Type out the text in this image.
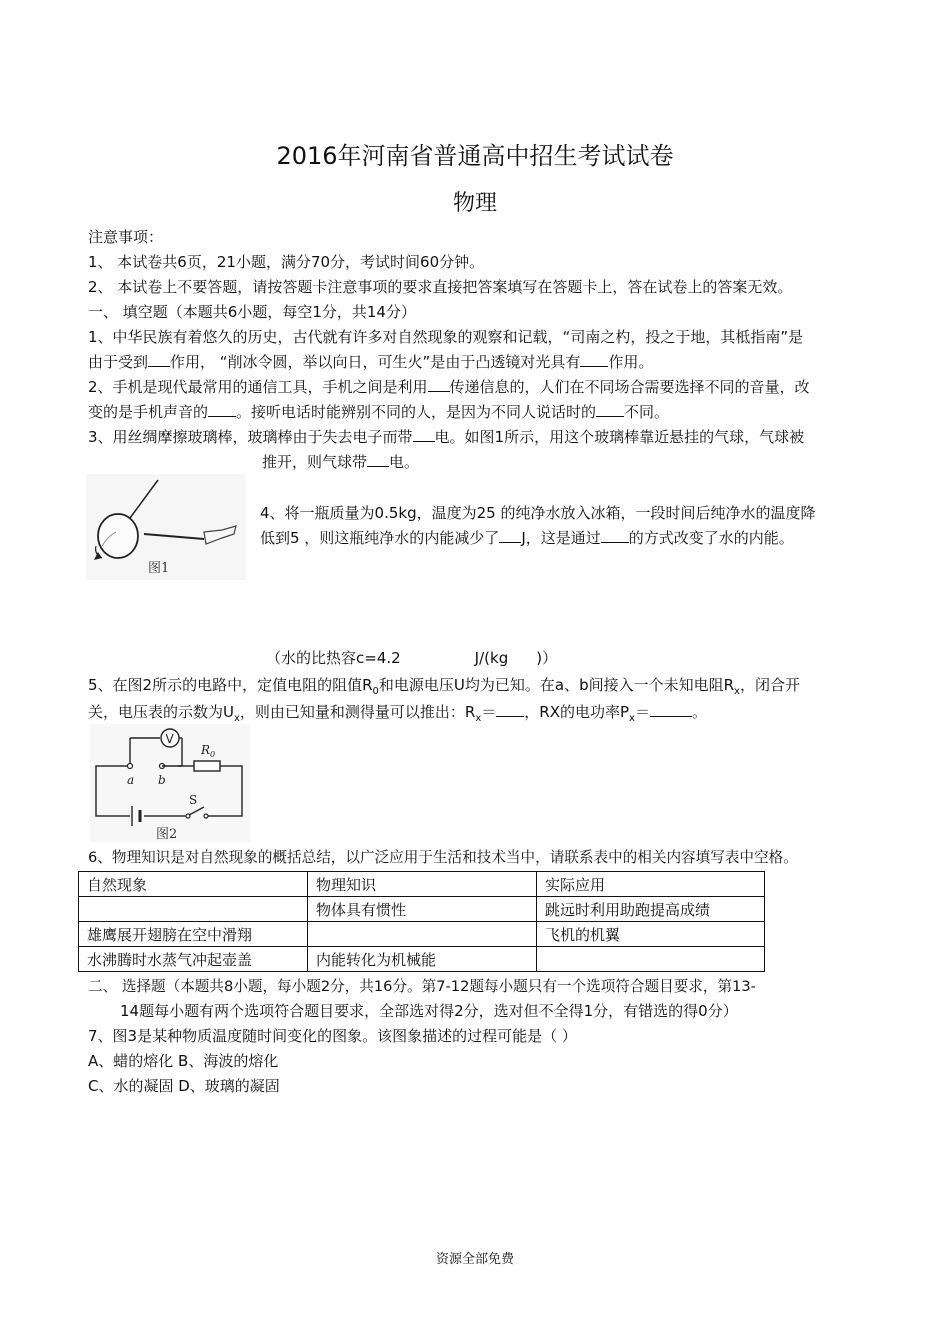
2016年河南省普通高中招生考试试卷
物理
注意事项：
1、 本试卷共6页，21小题，满分70分，考试时间60分钟。
2、 本试卷上不要答题，请按答题卡注意事项的要求直接把答案填写在答题卡上，答在试卷上的答案无效。
一、 填空题（本题共6小题，每空1分，共14分）
1、中华民族有着悠久的历史，古代就有许多对自然现象的观察和记载，“司南之杓，投之于地，其柢指南”是
由于受到 作用， “削冰令圆，举以向日，可生火”是由于凸透镜对光具有 作用。
2、手机是现代最常用的通信工具，手机之间是利用 传递信息的，人们在不同场合需要选择不同的音量，改
变的是手机声音的 。接听电话时能辨别不同的人，是因为不同人说话时的 不同。
3、用丝绸摩擦玻璃棒，玻璃棒由于失去电子而带 电。如图1所示，用这个玻璃棒靠近悬挂的气球，气球被
推开，则气球带 电。
图1
4、将一瓶质量为0.5kg，温度为25 的纯净水放入冰箱，一段时间后纯净水的温度降
低到5 ，则这瓶纯净水的内能减少了 J，这是通过 的方式改变了水的内能。
（水的比热容c=4.2	J/(kg )）
5、在图2所示的电路中，定值电阻的阻值$R_0$和电源电压U均为已知。在a、b间接入一个未知电阻$R_x$，闭合开
关，电压表的示数为$U_x$，则由已知量和测得量可以推出：$R_x=$ ，RX的电功率$P_x=$	。
V
a b
$R_0$
S
图2
6、物理知识是对自然现象的概括总结，以广泛应用于生活和技术当中，请联系表中的相关内容填写表中空格。
自然现象	物理知识	实际应用
	物体具有惯性	跳远时利用助跑提高成绩
雄鹰展开翅膀在空中滑翔		飞机的机翼
水沸腾时水蒸气冲起壶盖	内能转化为机械能	
二、 选择题（本题共8小题，每小题2分，共16分。第7-12题每小题只有一个选项符合题目要求，第13-
14题每小题有两个选项符合题目要求，全部选对得2分，选对但不全得1分，有错选的得0分）
7、图3是某种物质温度随时间变化的图象。该图象描述的过程可能是（ ）
A、蜡的熔化 B、海波的熔化
C、水的凝固 D、玻璃的凝固
资源全部免费
